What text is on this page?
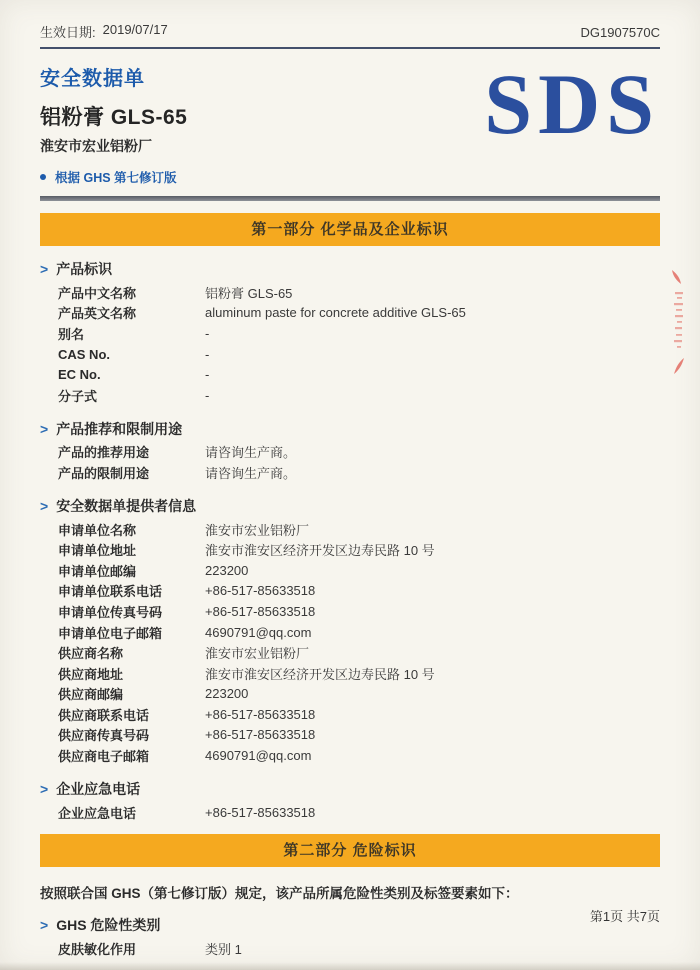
生效日期: 2019/07/17	DG1907570C
安全数据单
铝粉膏 GLS-65
淮安市宏业铝粉厂
根据 GHS 第七修订版
SDS
第一部分 化学品及企业标识
> 产品标识
产品中文名称	铝粉膏 GLS-65
产品英文名称	aluminum paste for concrete additive GLS-65
别名	-
CAS No.	-
EC No.	-
分子式	-
> 产品推荐和限制用途
产品的推荐用途	请咨询生产商。
产品的限制用途	请咨询生产商。
> 安全数据单提供者信息
申请单位名称	淮安市宏业铝粉厂
申请单位地址	淮安市淮安区经济开发区边寿民路 10 号
申请单位邮编	223200
申请单位联系电话	+86-517-85633518
申请单位传真号码	+86-517-85633518
申请单位电子邮箱	4690791@qq.com
供应商名称	淮安市宏业铝粉厂
供应商地址	淮安市淮安区经济开发区边寿民路 10 号
供应商邮编	223200
供应商联系电话	+86-517-85633518
供应商传真号码	+86-517-85633518
供应商电子邮箱	4690791@qq.com
> 企业应急电话
企业应急电话	+86-517-85633518
第二部分 危险标识
按照联合国 GHS（第七修订版）规定，该产品所属危险性类别及标签要素如下：
> GHS 危险性类别
皮肤敏化作用	类别 1
第1页 共7页
